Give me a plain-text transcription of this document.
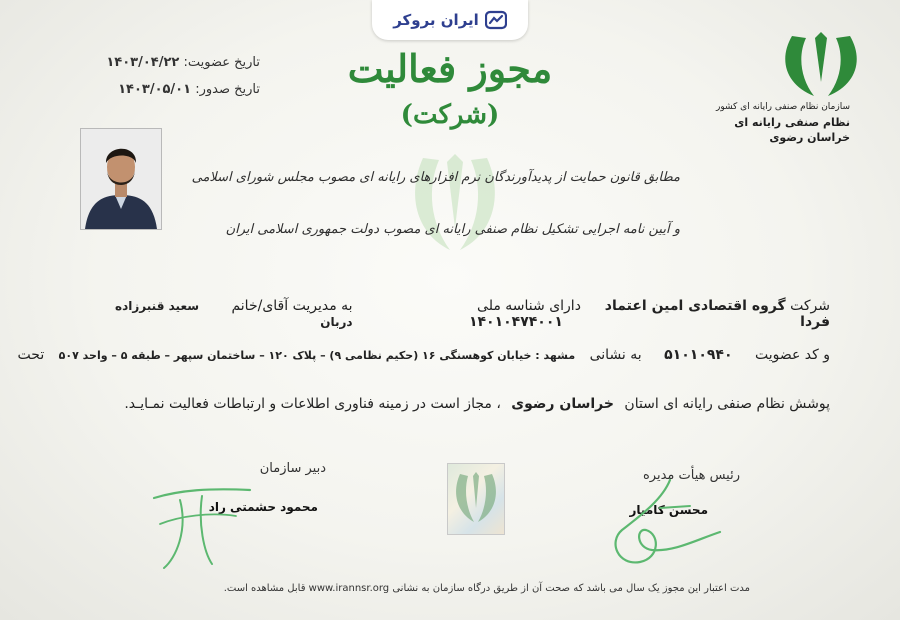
ایران بروکر
مجوز فعالیت
(شرکت)
تاریخ عضویت: ۱۴۰۳/۰۴/۲۲
تاریخ صدور: ۱۴۰۳/۰۵/۰۱
سازمان نظام صنفی رایانه ای کشور
نظام صنفی رایانه ای خراسان رضوی
مطابق قانون حمایت از پدیدآورندگان نرم افزارهای رایانه ای مصوب مجلس شورای اسلامی
و آیین نامه اجرایی تشکیل نظام صنفی رایانه ای مصوب دولت جمهوری اسلامی ایران
شرکت گروه اقتصادی امین اعتماد فردا
دارای شناسه ملی ۱۴۰۱۰۴۷۴۰۰۱
به مدیریت آقای/خانم سعید قنبرزاده دربان
و کد عضویت ۵۱۰۱۰۹۴۰ به نشانی مشهد : خیابان کوهسنگی ۱۶ (حکیم نظامی ۹) – پلاک ۱۲۰ – ساختمان سپهر – طبقه ۵ – واحد ۵۰۷ تحت
پوشش نظام صنفی رایانه ای استان خراسان رضوی ، مجاز است در زمینه فناوری اطلاعات و ارتباطات فعالیت نمـایـد.
رئیس هیأت مدیره
محسن کامیار
دبیر سازمان
محمود حشمتی راد
مدت اعتبار این مجوز یک سال می باشد که صحت آن از طریق درگاه سازمان به نشانی www.irannsr.org قابل مشاهده است.
